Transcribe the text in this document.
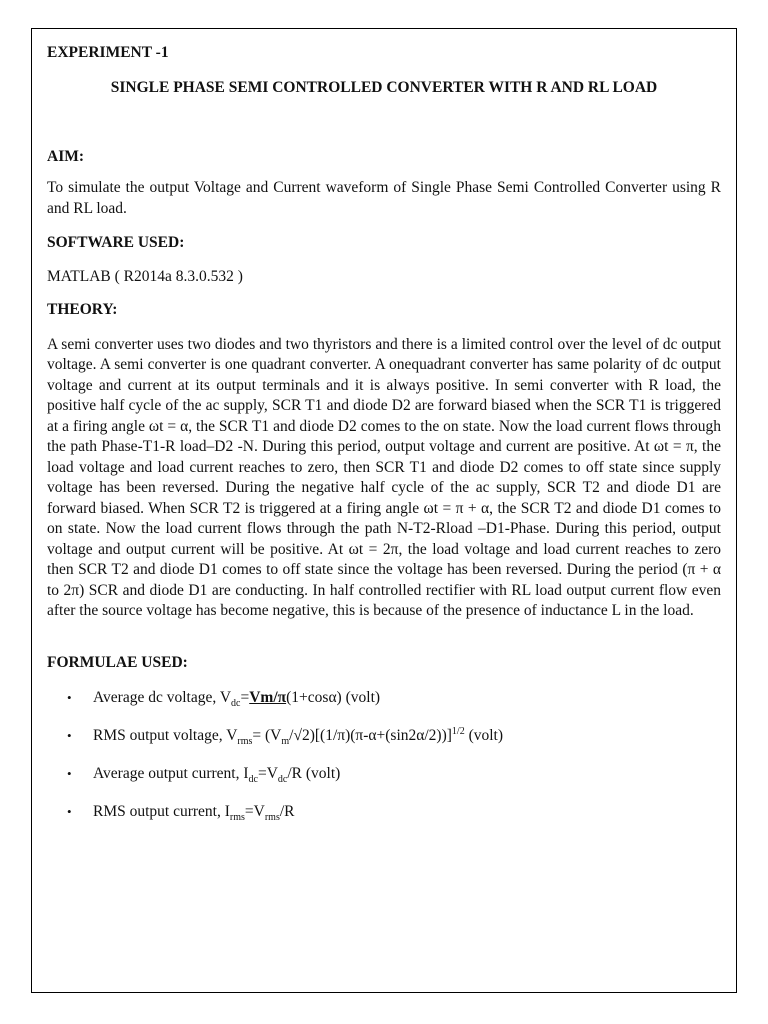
EXPERIMENT -1

SINGLE PHASE SEMI CONTROLLED CONVERTER WITH R AND RL LOAD

AIM:

To simulate the output Voltage and Current waveform of Single Phase Semi Controlled Converter using R and RL load.

SOFTWARE USED:

MATLAB ( R2014a 8.3.0.532 )

THEORY:

A semi converter uses two diodes and two thyristors and there is a limited control over the level of dc output voltage. A semi converter is one quadrant converter. A onequadrant converter has same polarity of dc output voltage and current at its output terminals and it is always positive. In semi converter with R load, the positive half cycle of the ac supply, SCR T1 and diode D2 are forward biased when the SCR T1 is triggered at a firing angle ωt = α, the SCR T1 and diode D2 comes to the on state. Now the load current flows through the path Phase-T1-R load–D2 -N. During this period, output voltage and current are positive. At ωt = π, the load voltage and load current reaches to zero, then SCR T1 and diode D2 comes to off state since supply voltage has been reversed. During the negative half cycle of the ac supply, SCR T2 and diode D1 are forward biased. When SCR T2 is triggered at a firing angle ωt = π + α, the SCR T2 and diode D1 comes to on state. Now the load current flows through the path N-T2-Rload –D1-Phase. During this period, output voltage and output current will be positive. At ωt = 2π, the load voltage and load current reaches to zero then SCR T2 and diode D1 comes to off state since the voltage has been reversed. During the period (π + α to 2π) SCR and diode D1 are conducting. In half controlled rectifier with RL load output current flow even after the source voltage has become negative, this is because of the presence of inductance L in the load.

FORMULAE USED:

• Average dc voltage, $V_{dc}=Vm/\pi(1+\cos\alpha)$ (volt)
• RMS output voltage, $V_{rms}= (V_m/√2)[(1/\pi)(\pi-\alpha+(\sin 2\alpha/2))]^{1/2}$ (volt)
• Average output current, $I_{dc}=V_{dc}/R$ (volt)
• RMS output current, $I_{rms}=V_{rms}/R$
